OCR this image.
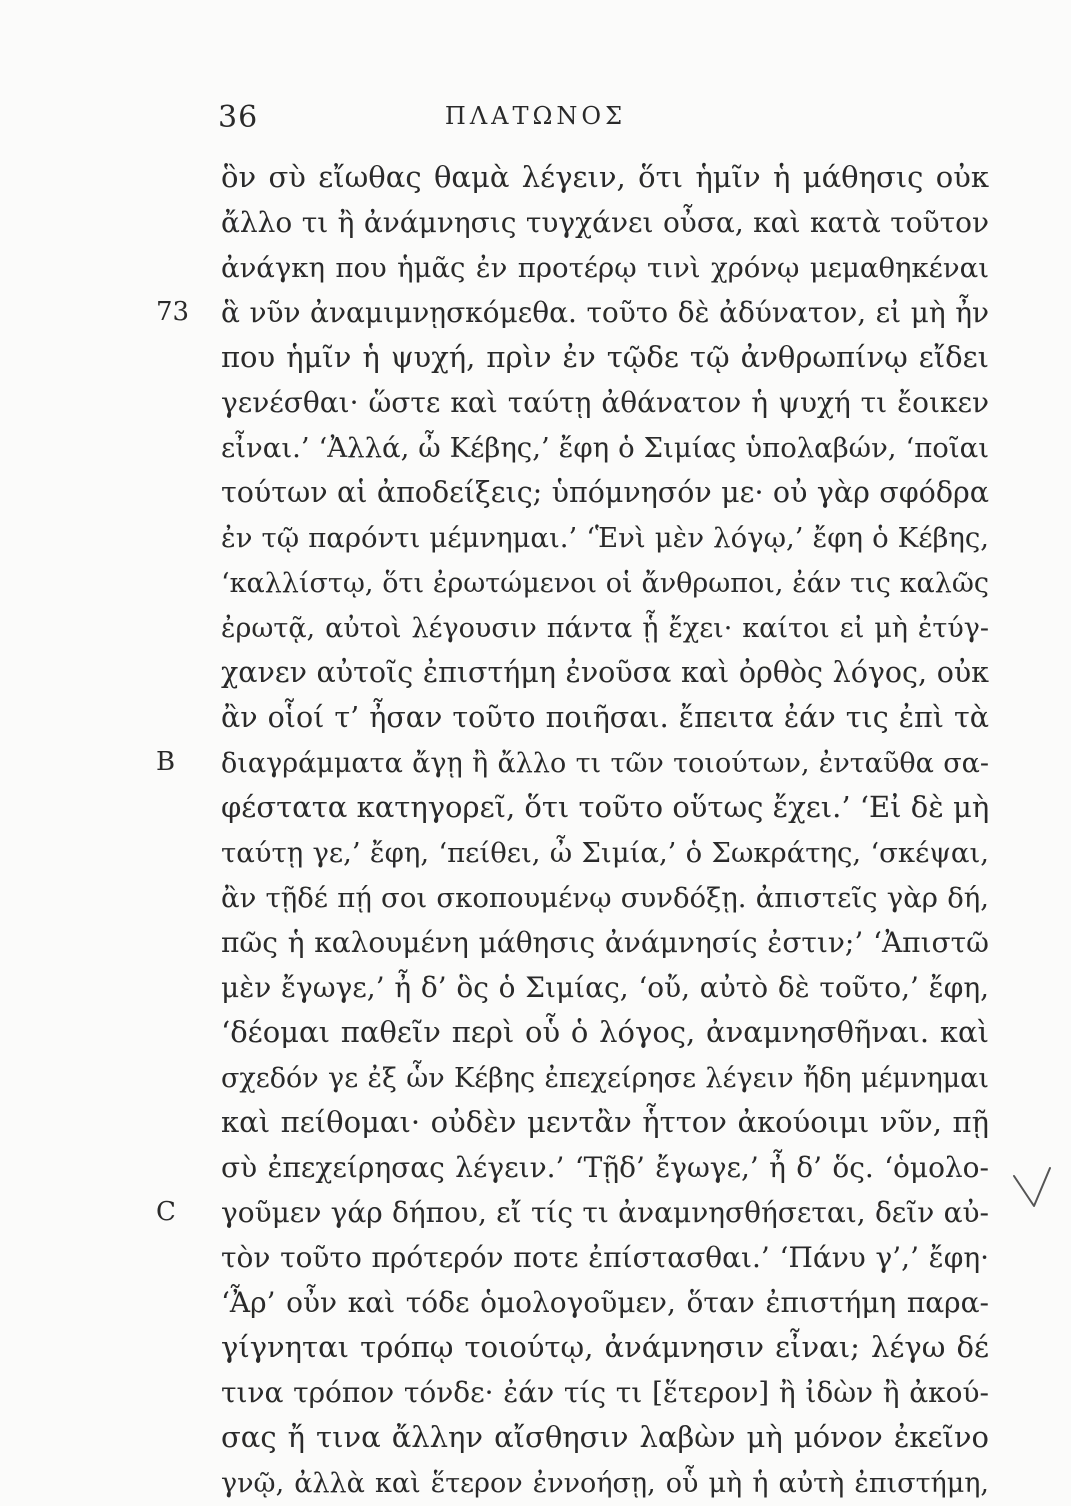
36	ΠΛΑΤΩΝΟΣ
ὃν σὺ εἴωθας θαμὰ λέγειν, ὅτι ἡμῖν ἡ μάθησις οὐκ
ἄλλο τι ἢ ἀνάμνησις τυγχάνει οὖσα, καὶ κατὰ τοῦτον
ἀνάγκη που ἡμᾶς ἐν προτέρῳ τινὶ χρόνῳ μεμαθηκέναι
73	ἃ νῦν ἀναμιμνῃσκόμεθα. τοῦτο δὲ ἀδύνατον, εἰ μὴ ἦν
που ἡμῖν ἡ ψυχή, πρὶν ἐν τῷδε τῷ ἀνθρωπίνῳ εἴδει
γενέσθαι· ὥστε καὶ ταύτῃ ἀθάνατον ἡ ψυχή τι ἔοικεν
εἶναι.’ ‘Ἀλλά, ὦ Κέβης,’ ἔφη ὁ Σιμίας ὑπολαβών, ‘ποῖαι
τούτων αἱ ἀποδείξεις; ὑπόμνησόν με· οὐ γὰρ σφόδρα
ἐν τῷ παρόντι μέμνημαι.’ ‘Ἑνὶ μὲν λόγῳ,’ ἔφη ὁ Κέβης,
‘καλλίστῳ, ὅτι ἐρωτώμενοι οἱ ἄνθρωποι, ἐάν τις καλῶς
ἐρωτᾷ, αὐτοὶ λέγουσιν πάντα ᾗ ἔχει· καίτοι εἰ μὴ ἐτύγ-
χανεν αὐτοῖς ἐπιστήμη ἐνοῦσα καὶ ὀρθὸς λόγος, οὐκ
ἂν οἷοί τ’ ἦσαν τοῦτο ποιῆσαι. ἔπειτα ἐάν τις ἐπὶ τὰ
B	διαγράμματα ἄγῃ ἢ ἄλλο τι τῶν τοιούτων, ἐνταῦθα σα-
φέστατα κατηγορεῖ, ὅτι τοῦτο οὕτως ἔχει.’ ‘Εἰ δὲ μὴ
ταύτῃ γε,’ ἔφη, ‘πείθει, ὦ Σιμία,’ ὁ Σωκράτης, ‘σκέψαι,
ἂν τῇδέ πῄ σοι σκοπουμένῳ συνδόξῃ. ἀπιστεῖς γὰρ δή,
πῶς ἡ καλουμένη μάθησις ἀνάμνησίς ἐστιν;’ ‘Ἀπιστῶ
μὲν ἔγωγε,’ ἦ δ’ ὃς ὁ Σιμίας, ‘οὔ, αὐτὸ δὲ τοῦτο,’ ἔφη,
‘δέομαι παθεῖν περὶ οὗ ὁ λόγος, ἀναμνησθῆναι. καὶ
σχεδόν γε ἐξ ὧν Κέβης ἐπεχείρησε λέγειν ἤδη μέμνημαι
καὶ πείθομαι· οὐδὲν μεντἂν ἧττον ἀκούοιμι νῦν, πῇ
σὺ ἐπεχείρησας λέγειν.’ ‘Τῇδ’ ἔγωγε,’ ἦ δ’ ὅς. ‘ὁμολο-
C	γοῦμεν γάρ δήπου, εἴ τίς τι ἀναμνησθήσεται, δεῖν αὐ-
τὸν τοῦτο πρότερόν ποτε ἐπίστασθαι.’ ‘Πάνυ γ’,’ ἔφη·
‘Ἆρ’ οὖν καὶ τόδε ὁμολογοῦμεν, ὅταν ἐπιστήμη παρα-
γίγνηται τρόπῳ τοιούτῳ, ἀνάμνησιν εἶναι; λέγω δέ
τινα τρόπον τόνδε· ἐάν τίς τι [ἕτερον] ἢ ἰδὼν ἢ ἀκού-
σας ἤ τινα ἄλλην αἴσθησιν λαβὼν μὴ μόνον ἐκεῖνο
γνῷ, ἀλλὰ καὶ ἕτερον ἐννοήσῃ, οὗ μὴ ἡ αὐτὴ ἐπιστήμη,
